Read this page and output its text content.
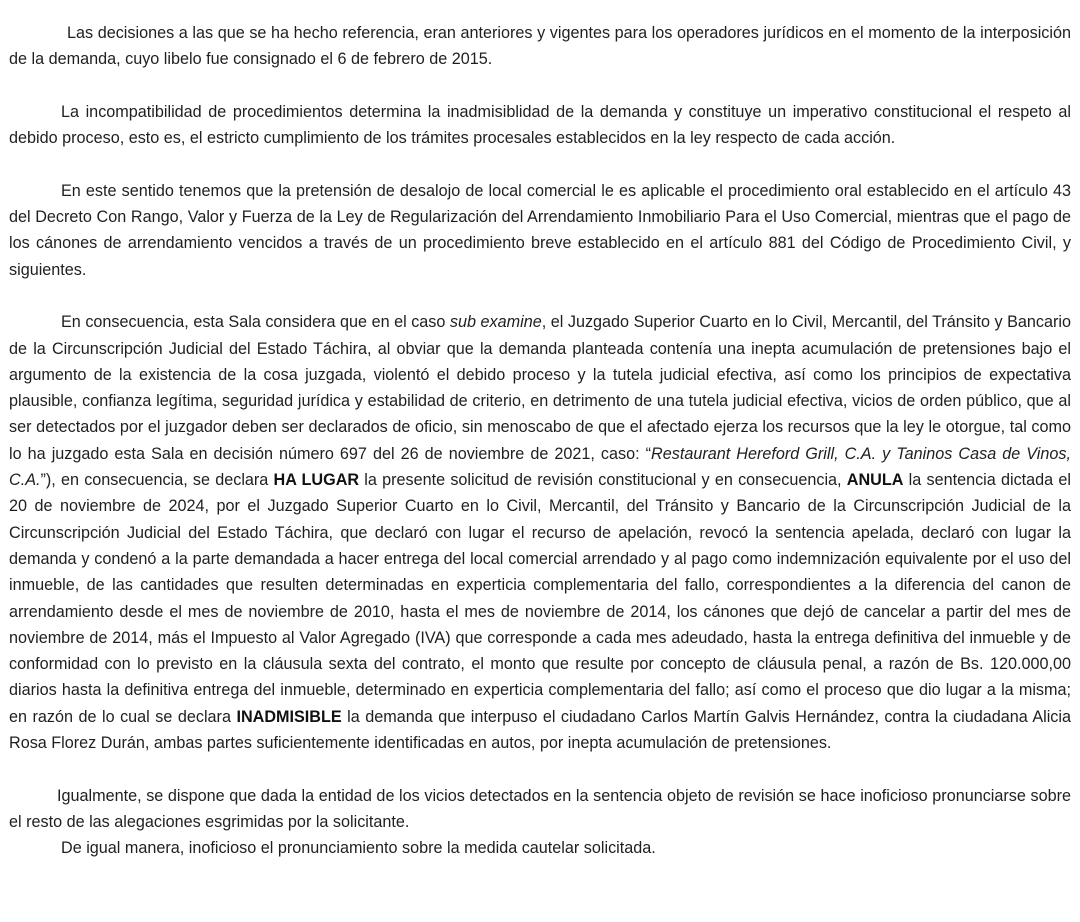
Las decisiones a las que se ha hecho referencia, eran anteriores y vigentes para los operadores jurídicos en el momento de la interposición de la demanda, cuyo libelo fue consignado el 6 de febrero de 2015.

La incompatibilidad de procedimientos determina la inadmisiblidad de la demanda y constituye un imperativo constitucional el respeto al debido proceso, esto es, el estricto cumplimiento de los trámites procesales establecidos en la ley respecto de cada acción.

En este sentido tenemos que la pretensión de desalojo de local comercial le es aplicable el procedimiento oral establecido en el artículo 43 del Decreto Con Rango, Valor y Fuerza de la Ley de Regularización del Arrendamiento Inmobiliario Para el Uso Comercial, mientras que el pago de los cánones de arrendamiento vencidos a través de un procedimiento breve establecido en el artículo 881 del Código de Procedimiento Civil, y siguientes.

En consecuencia, esta Sala considera que en el caso sub examine, el Juzgado Superior Cuarto en lo Civil, Mercantil, del Tránsito y Bancario de la Circunscripción Judicial del Estado Táchira, al obviar que la demanda planteada contenía una inepta acumulación de pretensiones bajo el argumento de la existencia de la cosa juzgada, violentó el debido proceso y la tutela judicial efectiva, así como los principios de expectativa plausible, confianza legítima, seguridad jurídica y estabilidad de criterio, en detrimento de una tutela judicial efectiva, vicios de orden público, que al ser detectados por el juzgador deben ser declarados de oficio, sin menoscabo de que el afectado ejerza los recursos que la ley le otorgue, tal como lo ha juzgado esta Sala en decisión número 697 del 26 de noviembre de 2021, caso: “Restaurant Hereford Grill, C.A. y Taninos Casa de Vinos, C.A.”), en consecuencia, se declara HA LUGAR la presente solicitud de revisión constitucional y en consecuencia, ANULA la sentencia dictada el 20 de noviembre de 2024, por el Juzgado Superior Cuarto en lo Civil, Mercantil, del Tránsito y Bancario de la Circunscripción Judicial de la Circunscripción Judicial del Estado Táchira, que declaró con lugar el recurso de apelación, revocó la sentencia apelada, declaró con lugar la demanda y condenó a la parte demandada a hacer entrega del local comercial arrendado y al pago como indemnización equivalente por el uso del inmueble, de las cantidades que resulten determinadas en experticia complementaria del fallo, correspondientes a la diferencia del canon de arrendamiento desde el mes de noviembre de 2010, hasta el mes de noviembre de 2014, los cánones que dejó de cancelar a partir del mes de noviembre de 2014, más el Impuesto al Valor Agregado (IVA) que corresponde a cada mes adeudado, hasta la entrega definitiva del inmueble y de conformidad con lo previsto en la cláusula sexta del contrato, el monto que resulte por concepto de cláusula penal, a razón de Bs. 120.000,00 diarios hasta la definitiva entrega del inmueble, determinado en experticia complementaria del fallo; así como el proceso que dio lugar a la misma; en razón de lo cual se declara INADMISIBLE la demanda que interpuso el ciudadano Carlos Martín Galvis Hernández, contra la ciudadana Alicia Rosa Florez Durán, ambas partes suficientemente identificadas en autos, por inepta acumulación de pretensiones.

Igualmente, se dispone que dada la entidad de los vicios detectados en la sentencia objeto de revisión se hace inoficioso pronunciarse sobre el resto de las alegaciones esgrimidas por la solicitante.

De igual manera, inoficioso el pronunciamiento sobre la medida cautelar solicitada.
